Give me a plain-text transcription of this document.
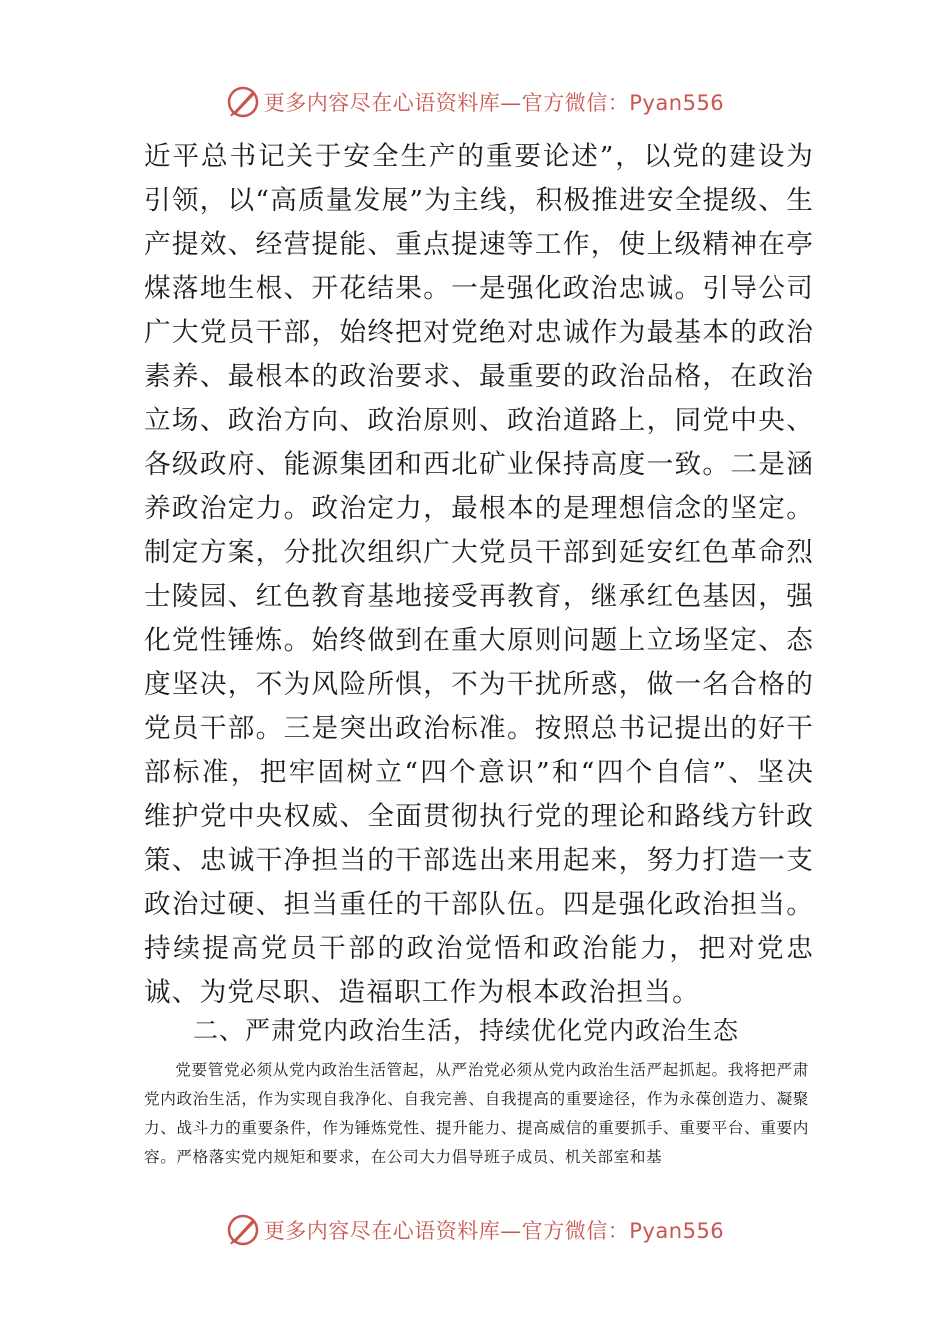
更多内容尽在心语资料库—官方微信：Pyan556

近平总书记关于安全生产的重要论述”，以党的建设为引领，以“高质量发展”为主线，积极推进安全提级、生产提效、经营提能、重点提速等工作，使上级精神在亭煤落地生根、开花结果。一是强化政治忠诚。引导公司广大党员干部，始终把对党绝对忠诚作为最基本的政治素养、最根本的政治要求、最重要的政治品格，在政治立场、政治方向、政治原则、政治道路上，同党中央、各级政府、能源集团和西北矿业保持高度一致。二是涵养政治定力。政治定力，最根本的是理想信念的坚定。制定方案，分批次组织广大党员干部到延安红色革命烈士陵园、红色教育基地接受再教育，继承红色基因，强化党性锤炼。始终做到在重大原则问题上立场坚定、态度坚决，不为风险所惧，不为干扰所惑，做一名合格的党员干部。三是突出政治标准。按照总书记提出的好干部标准，把牢固树立“四个意识”和“四个自信”、坚决维护党中央权威、全面贯彻执行党的理论和路线方针政策、忠诚干净担当的干部选出来用起来，努力打造一支政治过硬、担当重任的干部队伍。四是强化政治担当。持续提高党员干部的政治觉悟和政治能力，把对党忠诚、为党尽职、造福职工作为根本政治担当。

二、严肃党内政治生活，持续优化党内政治生态

党要管党必须从党内政治生活管起，从严治党必须从党内政治生活严起抓起。我将把严肃党内政治生活，作为实现自我净化、自我完善、自我提高的重要途径，作为永葆创造力、凝聚力、战斗力的重要条件，作为锤炼党性、提升能力、提高威信的重要抓手、重要平台、重要内容。严格落实党内规矩和要求，在公司大力倡导班子成员、机关部室和基

更多内容尽在心语资料库—官方微信：Pyan556
